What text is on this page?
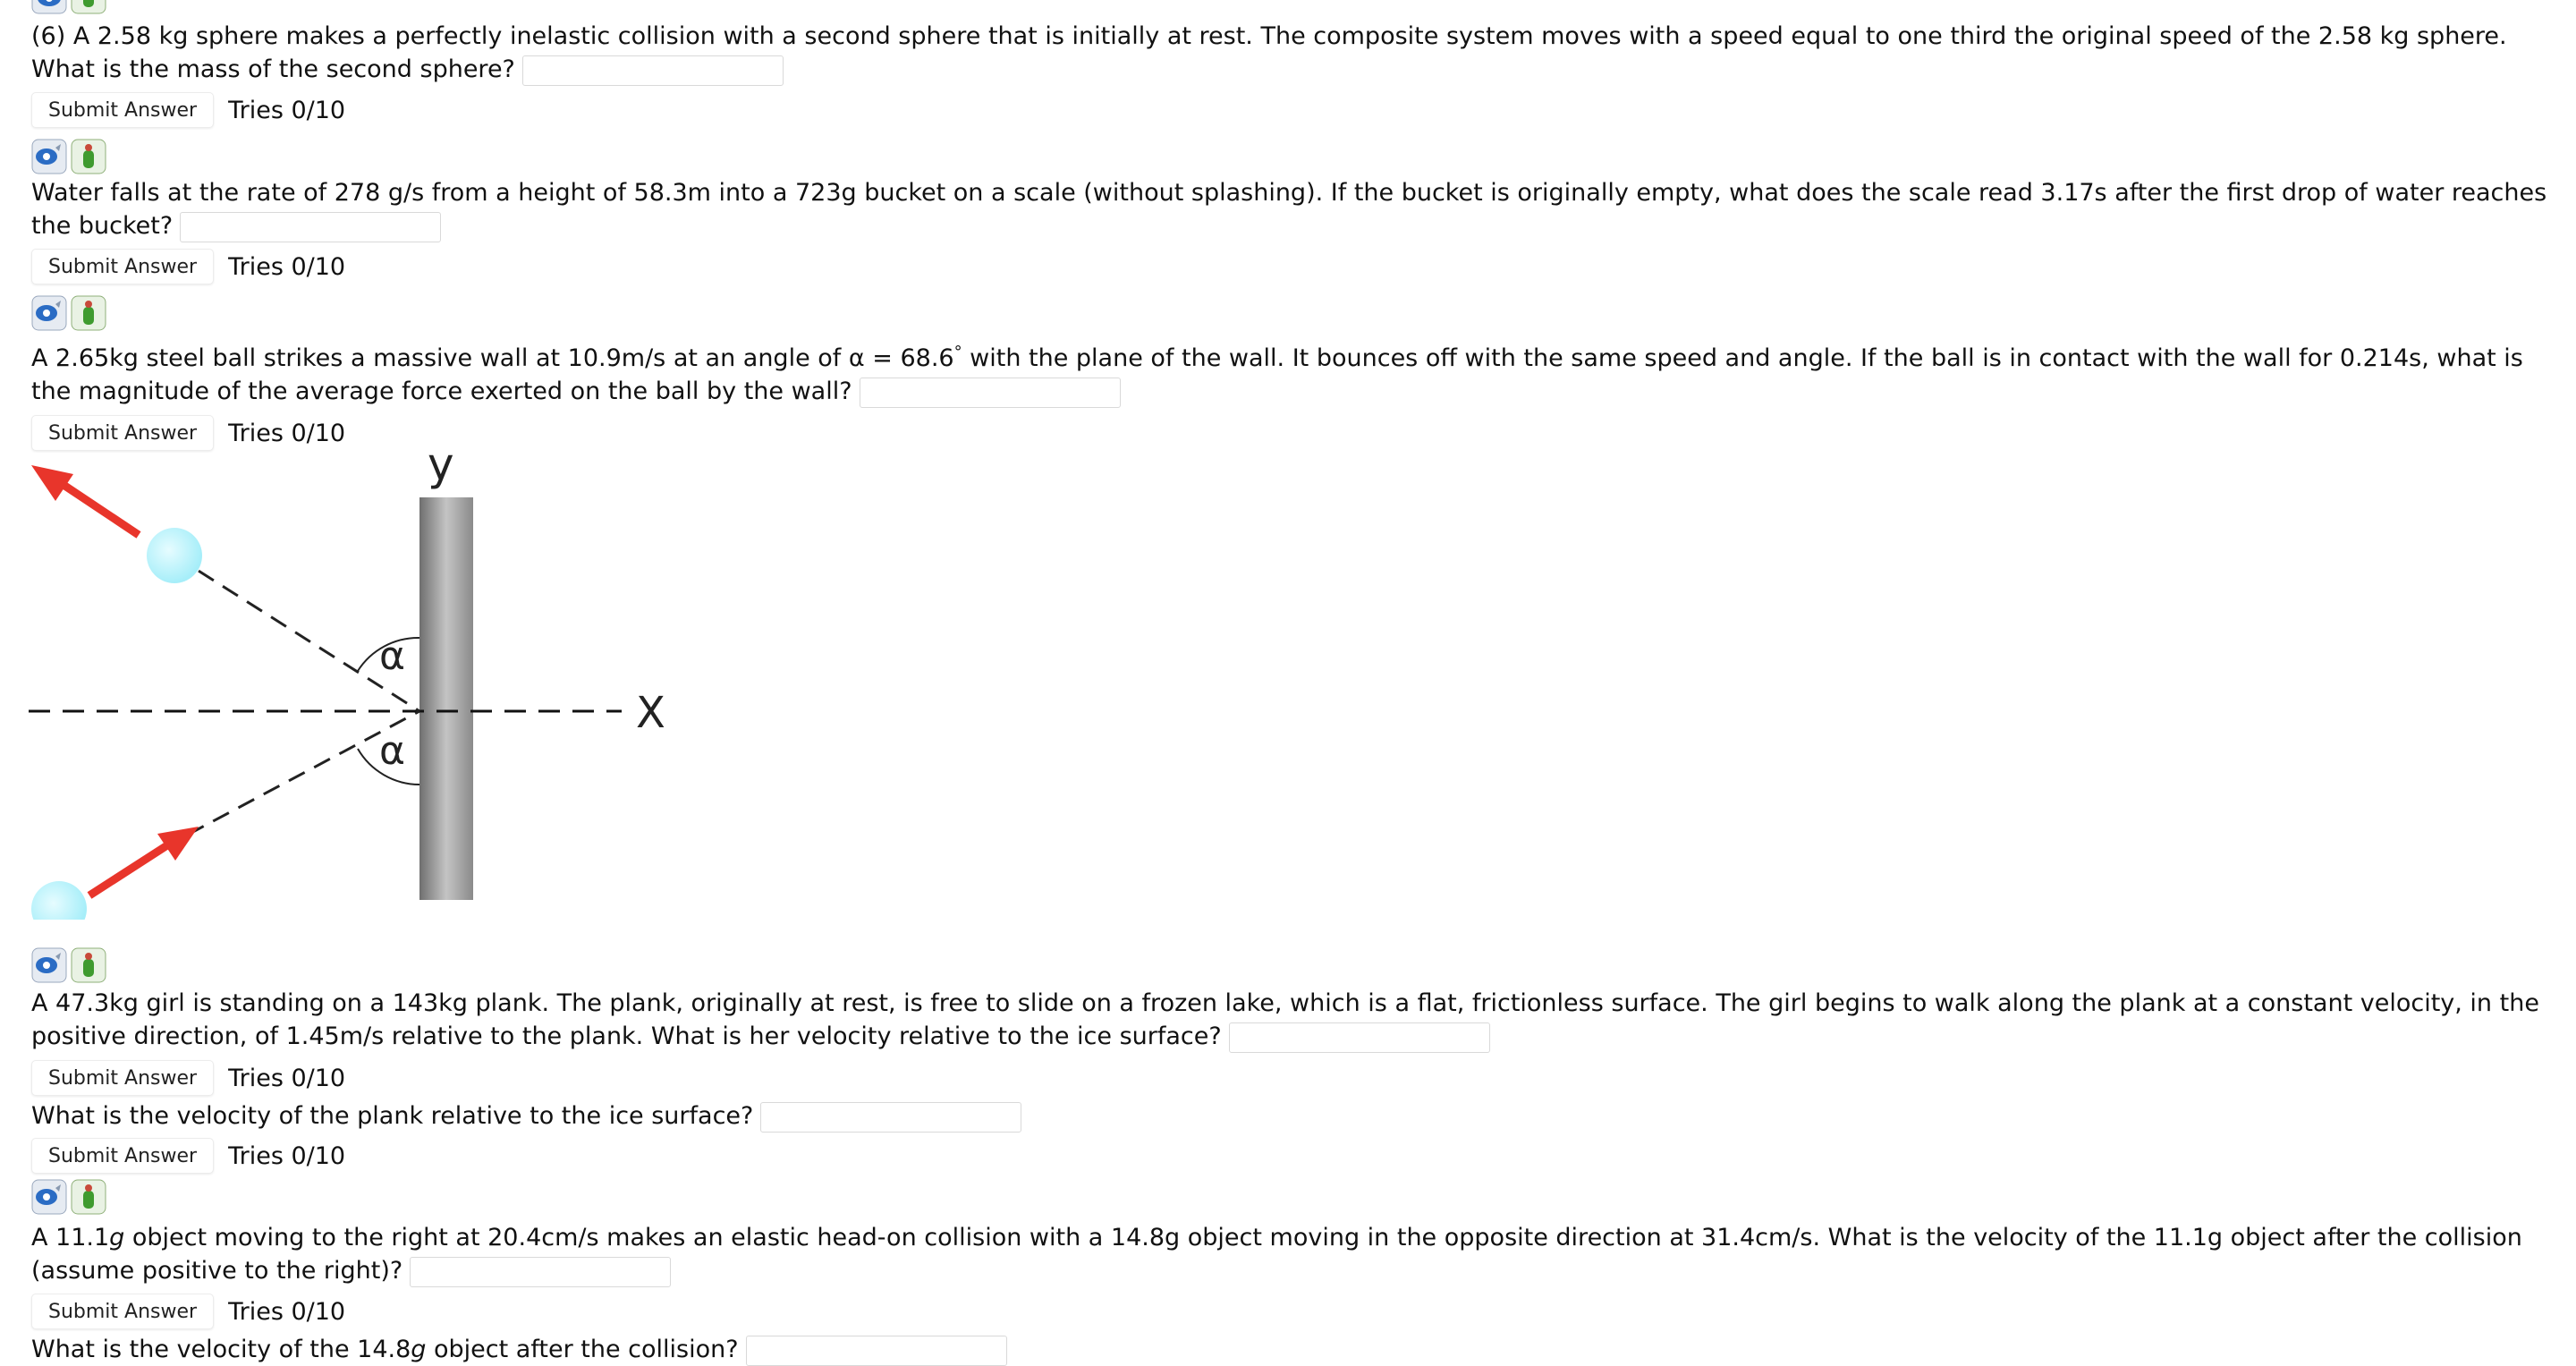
(6) A 2.58 kg sphere makes a perfectly inelastic collision with a second sphere that is initially at rest. The composite system moves with a speed equal to one third the original speed of the 2.58 kg sphere. What is the mass of the second sphere?
Submit Answer	Tries 0/10
Water falls at the rate of 278 g/s from a height of 58.3m into a 723g bucket on a scale (without splashing). If the bucket is originally empty, what does the scale read 3.17s after the first drop of water reaches the bucket?
Submit Answer	Tries 0/10
A 2.65kg steel ball strikes a massive wall at 10.9m/s at an angle of α = 68.6° with the plane of the wall. It bounces off with the same speed and angle. If the ball is in contact with the wall for 0.214s, what is the magnitude of the average force exerted on the ball by the wall?
Submit Answer	Tries 0/10
y
X
α
α
A 47.3kg girl is standing on a 143kg plank. The plank, originally at rest, is free to slide on a frozen lake, which is a flat, frictionless surface. The girl begins to walk along the plank at a constant velocity, in the positive direction, of 1.45m/s relative to the plank. What is her velocity relative to the ice surface?
Submit Answer	Tries 0/10
What is the velocity of the plank relative to the ice surface?
Submit Answer	Tries 0/10
A 11.1g object moving to the right at 20.4cm/s makes an elastic head-on collision with a 14.8g object moving in the opposite direction at 31.4cm/s. What is the velocity of the 11.1g object after the collision (assume positive to the right)?
Submit Answer	Tries 0/10
What is the velocity of the 14.8g object after the collision?
